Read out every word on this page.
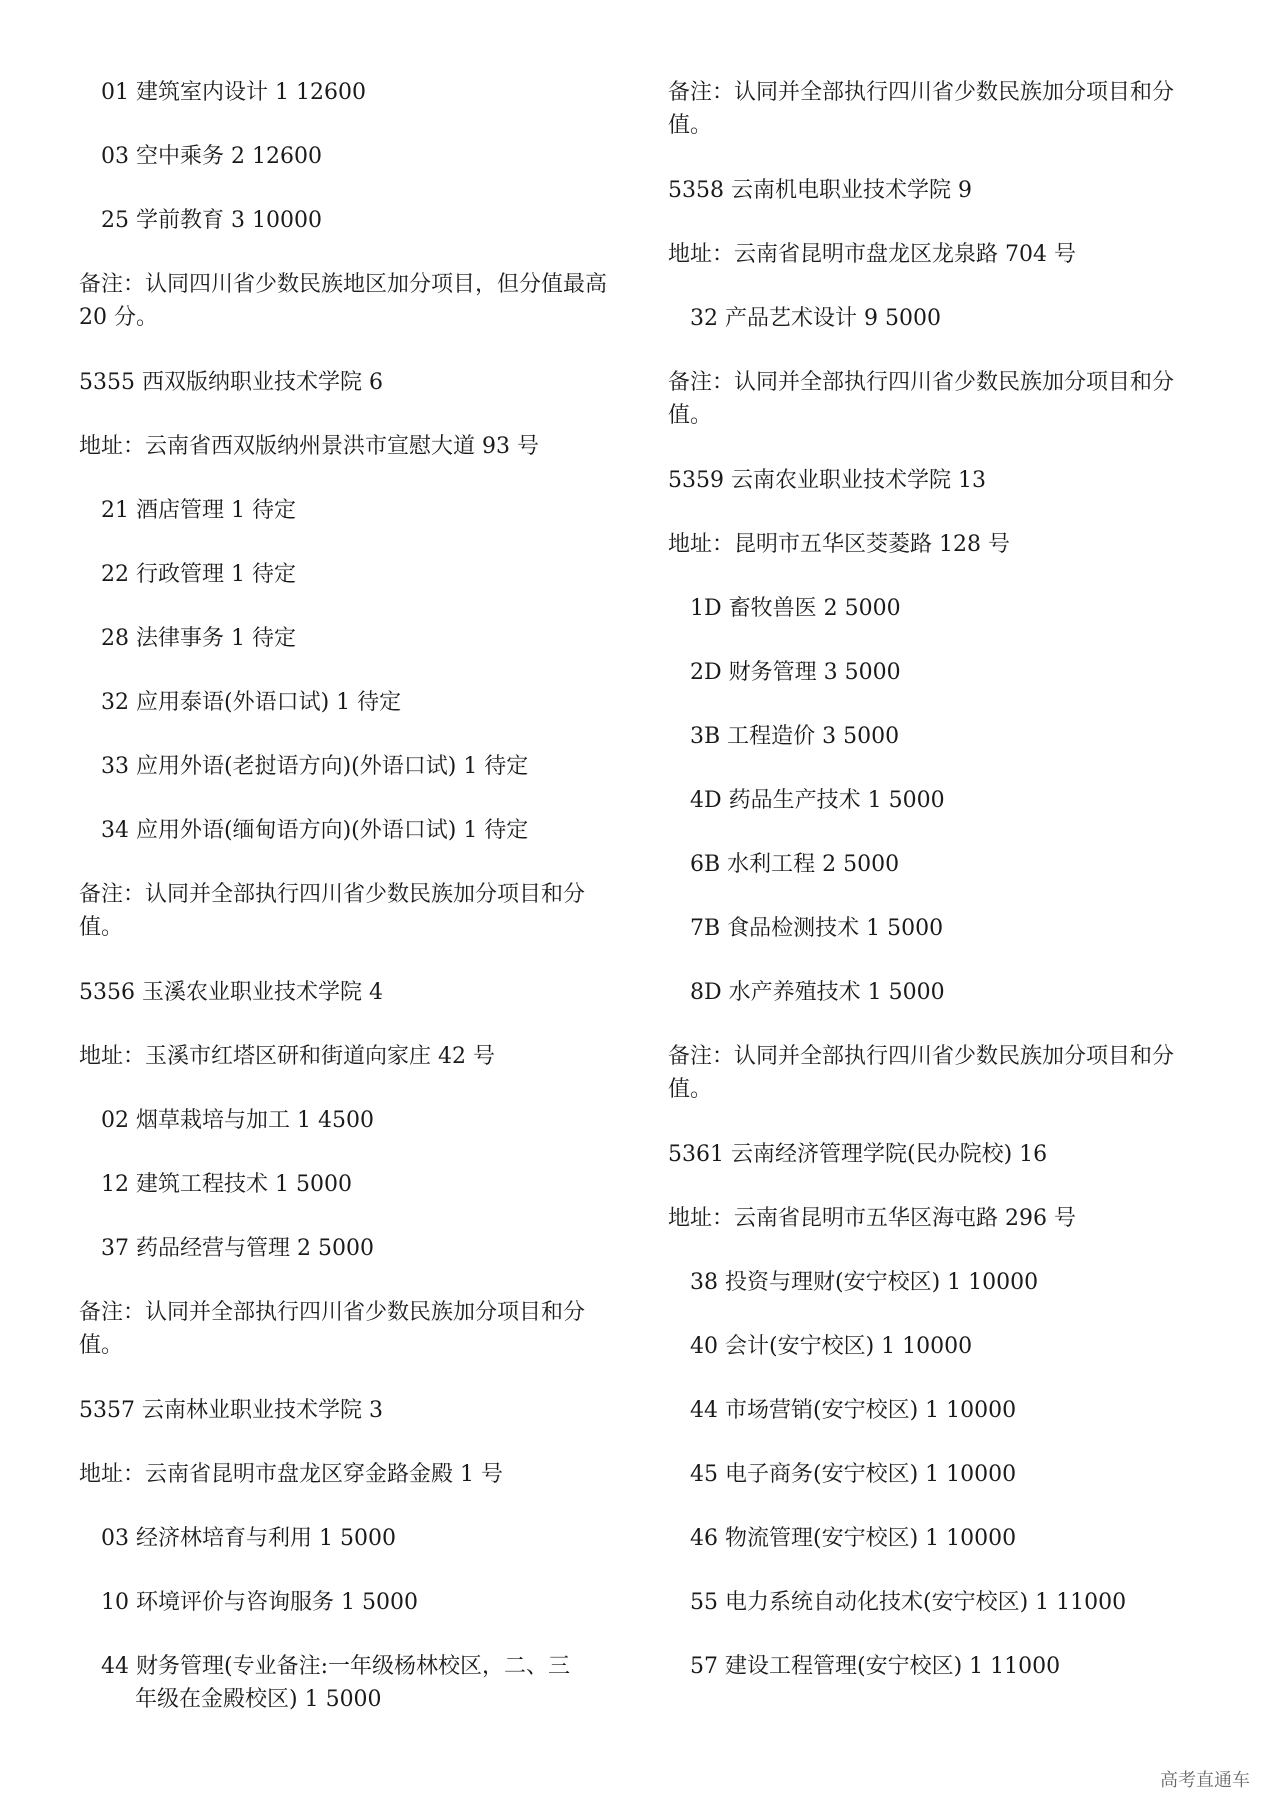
01 建筑室内设计 1 12600
03 空中乘务 2 12600
25 学前教育 3 10000
备注：认同四川省少数民族地区加分项目，但分值最高 20 分。
5355 西双版纳职业技术学院 6
地址：云南省西双版纳州景洪市宣慰大道 93 号
21 酒店管理 1 待定
22 行政管理 1 待定
28 法律事务 1 待定
32 应用泰语(外语口试) 1 待定
33 应用外语(老挝语方向)(外语口试) 1 待定
34 应用外语(缅甸语方向)(外语口试) 1 待定
备注：认同并全部执行四川省少数民族加分项目和分值。
5356 玉溪农业职业技术学院 4
地址：玉溪市红塔区研和街道向家庄 42 号
02 烟草栽培与加工 1 4500
12 建筑工程技术 1 5000
37 药品经营与管理 2 5000
备注：认同并全部执行四川省少数民族加分项目和分值。
5357 云南林业职业技术学院 3
地址：云南省昆明市盘龙区穿金路金殿 1 号
03 经济林培育与利用 1 5000
10 环境评价与咨询服务 1 5000
44 财务管理(专业备注:一年级杨林校区，二、三
年级在金殿校区) 1 5000
备注：认同并全部执行四川省少数民族加分项目和分值。
5358 云南机电职业技术学院 9
地址：云南省昆明市盘龙区龙泉路 704 号
32 产品艺术设计 9 5000
备注：认同并全部执行四川省少数民族加分项目和分值。
5359 云南农业职业技术学院 13
地址：昆明市五华区茭菱路 128 号
1D 畜牧兽医 2 5000
2D 财务管理 3 5000
3B 工程造价 3 5000
4D 药品生产技术 1 5000
6B 水利工程 2 5000
7B 食品检测技术 1 5000
8D 水产养殖技术 1 5000
备注：认同并全部执行四川省少数民族加分项目和分值。
5361 云南经济管理学院(民办院校) 16
地址：云南省昆明市五华区海屯路 296 号
38 投资与理财(安宁校区) 1 10000
40 会计(安宁校区) 1 10000
44 市场营销(安宁校区) 1 10000
45 电子商务(安宁校区) 1 10000
46 物流管理(安宁校区) 1 10000
55 电力系统自动化技术(安宁校区) 1 11000
57 建设工程管理(安宁校区) 1 11000
高考直通车
